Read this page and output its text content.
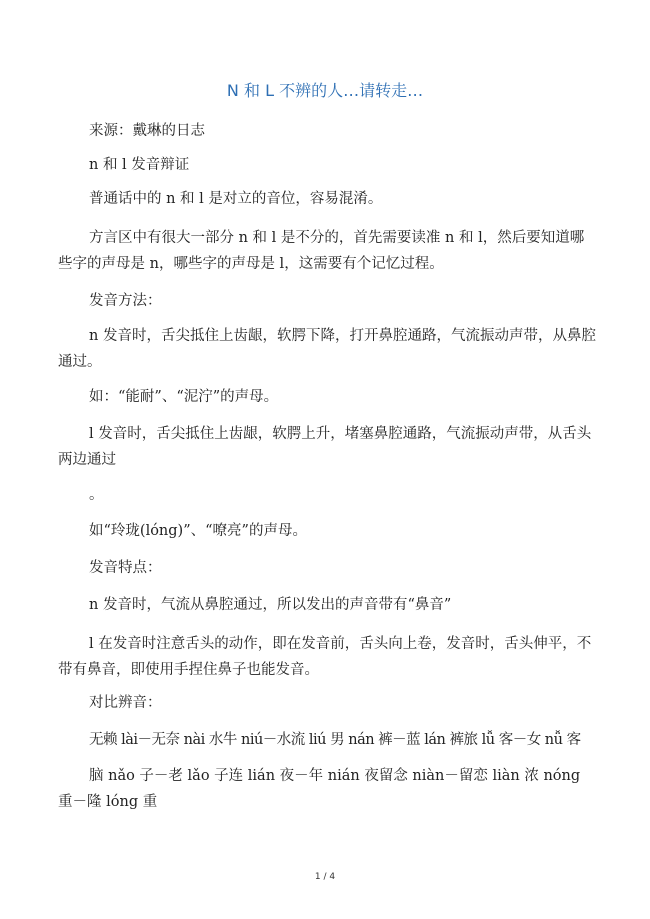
N 和 L 不辨的人…请转走…
来源：戴琳的日志
n 和 l 发音辩证
普通话中的 n 和 l 是对立的音位，容易混淆。
方言区中有很大一部分 n 和 l 是不分的，首先需要读准 n 和 l，然后要知道哪些字的声母是 n，哪些字的声母是 l，这需要有个记忆过程。
发音方法：
n 发音时，舌尖抵住上齿龈，软腭下降，打开鼻腔通路，气流振动声带，从鼻腔通过。
如：“能耐”、“泥泞”的声母。
l 发音时，舌尖抵住上齿龈，软腭上升，堵塞鼻腔通路，气流振动声带，从舌头两边通过
。
如“玲珑(lóng)”、“嘹亮”的声母。
发音特点：
n 发音时，气流从鼻腔通过，所以发出的声音带有“鼻音”
l 在发音时注意舌头的动作，即在发音前，舌头向上卷，发音时，舌头伸平，不带有鼻音，即使用手捏住鼻子也能发音。
对比辨音：
无赖 lài－无奈 nài 水牛 niú－水流 liú 男 nán 裤－蓝 lán 裤旅 lǚ 客－女 nǚ 客
脑 nǎo 子－老 lǎo 子连 lián 夜－年 nián 夜留念 niàn－留恋 liàn 浓 nóng 重－隆 lóng 重
1 / 4
